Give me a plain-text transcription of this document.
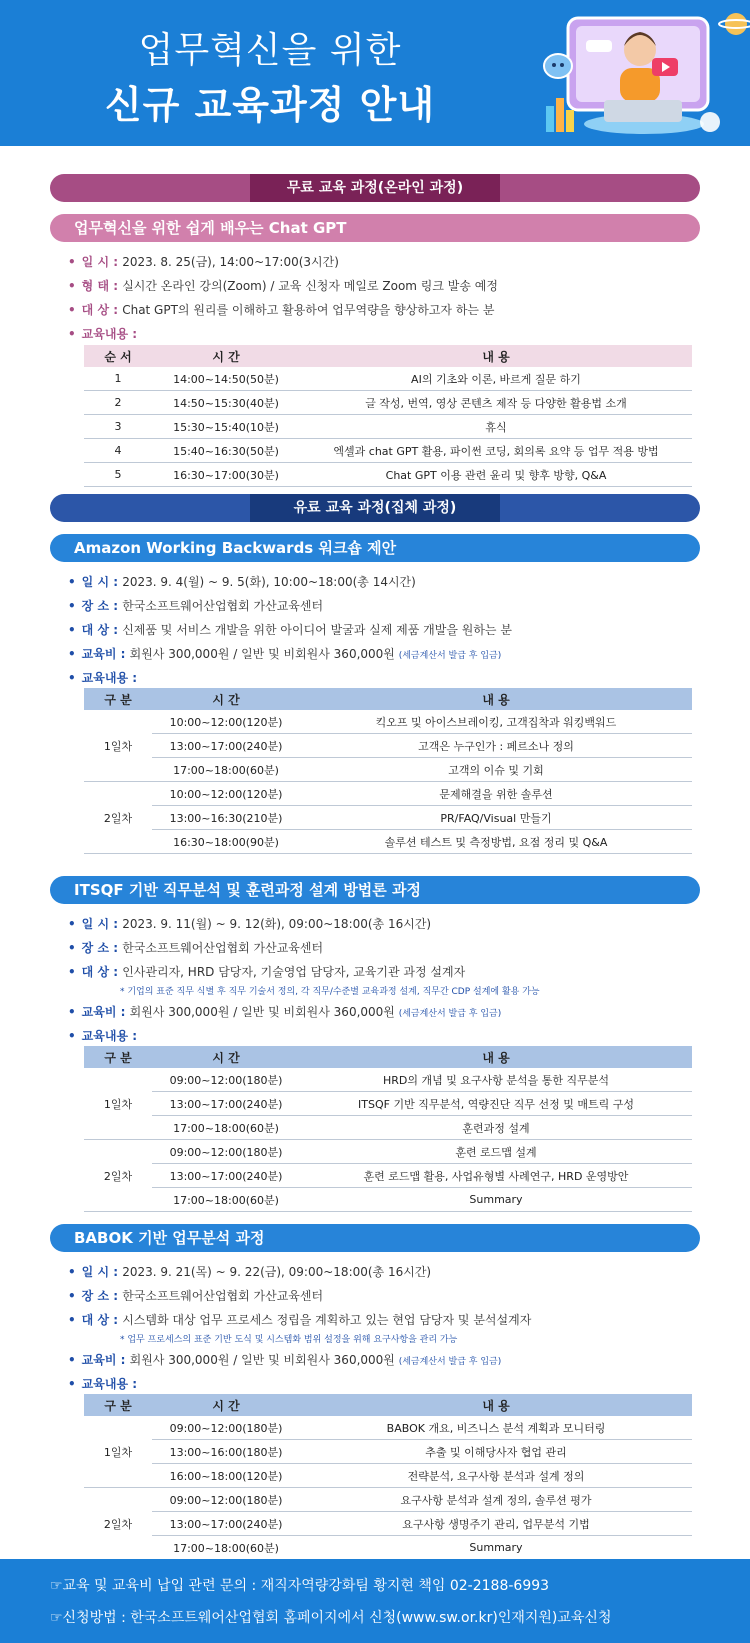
업무혁신을 위한
신규 교육과정 안내
무료 교육 과정(온라인 과정)
업무혁신을 위한 쉽게 배우는 Chat GPT
• 일 시 : 2023. 8. 25(금), 14:00~17:00(3시간)
• 형 태 : 실시간 온라인 강의(Zoom) / 교육 신청자 메일로 Zoom 링크 발송 예정
• 대 상 : Chat GPT의 원리를 이해하고 활용하여 업무역량을 향상하고자 하는 분
• 교육내용 :
순 서	시 간	내 용
1	14:00~14:50(50분)	AI의 기초와 이론, 바르게 질문 하기
2	14:50~15:30(40분)	글 작성, 번역, 영상 콘텐츠 제작 등 다양한 활용법 소개
3	15:30~15:40(10분)	휴식
4	15:40~16:30(50분)	엑셀과 chat GPT 활용, 파이썬 코딩, 회의록 요약 등 업무 적용 방법
5	16:30~17:00(30분)	Chat GPT 이용 관련 윤리 및 향후 방향, Q&A
유료 교육 과정(집체 과정)
Amazon Working Backwards 워크숍 제안
• 일 시 : 2023. 9. 4(월) ~ 9. 5(화), 10:00~18:00(총 14시간)
• 장 소 : 한국소프트웨어산업협회 가산교육센터
• 대 상 : 신제품 및 서비스 개발을 위한 아이디어 발굴과 실제 제품 개발을 원하는 분
• 교육비 : 회원사 300,000원 / 일반 및 비회원사 360,000원 (세금계산서 발급 후 입금)
• 교육내용 :
구 분	시 간	내 용
1일차	10:00~12:00(120분)	킥오프 및 아이스브레이킹, 고객집착과 워킹백워드
	13:00~17:00(240분)	고객은 누구인가 : 페르소나 정의
	17:00~18:00(60분)	고객의 이슈 및 기회
2일차	10:00~12:00(120분)	문제해결을 위한 솔루션
	13:00~16:30(210분)	PR/FAQ/Visual 만들기
	16:30~18:00(90분)	솔루션 테스트 및 측정방법, 요점 정리 및 Q&A
ITSQF 기반 직무분석 및 훈련과정 설계 방법론 과정
• 일 시 : 2023. 9. 11(월) ~ 9. 12(화), 09:00~18:00(총 16시간)
• 장 소 : 한국소프트웨어산업협회 가산교육센터
• 대 상 : 인사관리자, HRD 담당자, 기술영업 담당자, 교육기관 과정 설계자
* 기업의 표준 직무 식별 후 직무 기술서 정의, 각 직무/수준별 교육과정 설계, 직무간 CDP 설계에 활용 가능
• 교육비 : 회원사 300,000원 / 일반 및 비회원사 360,000원 (세금계산서 발급 후 입금)
• 교육내용 :
구 분	시 간	내 용
1일차	09:00~12:00(180분)	HRD의 개념 및 요구사항 분석을 통한 직무분석
	13:00~17:00(240분)	ITSQF 기반 직무분석, 역량진단 직무 선정 및 매트릭 구성
	17:00~18:00(60분)	훈련과정 설계
2일차	09:00~12:00(180분)	훈련 로드맵 설계
	13:00~17:00(240분)	훈련 로드맵 활용, 사업유형별 사례연구, HRD 운영방안
	17:00~18:00(60분)	Summary
BABOK 기반 업무분석 과정
• 일 시 : 2023. 9. 21(목) ~ 9. 22(금), 09:00~18:00(총 16시간)
• 장 소 : 한국소프트웨어산업협회 가산교육센터
• 대 상 : 시스템화 대상 업무 프로세스 정립을 계획하고 있는 현업 담당자 및 분석설계자
* 업무 프로세스의 표준 기반 도식 및 시스템화 범위 설정을 위해 요구사항을 관리 가능
• 교육비 : 회원사 300,000원 / 일반 및 비회원사 360,000원 (세금계산서 발급 후 입금)
• 교육내용 :
구 분	시 간	내 용
1일차	09:00~12:00(180분)	BABOK 개요, 비즈니스 분석 계획과 모니터링
	13:00~16:00(180분)	추출 및 이해당사자 협업 관리
	16:00~18:00(120분)	전략분석, 요구사항 분석과 설계 정의
2일차	09:00~12:00(180분)	요구사항 분석과 설계 정의, 솔루션 평가
	13:00~17:00(240분)	요구사항 생명주기 관리, 업무분석 기법
	17:00~18:00(60분)	Summary
☞교육 및 교육비 납입 관련 문의 : 재직자역량강화팀 황지현 책임 02-2188-6993
☞신청방법 : 한국소프트웨어산업협회 홈페이지에서 신청(www.sw.or.kr)인재지원)교육신청
